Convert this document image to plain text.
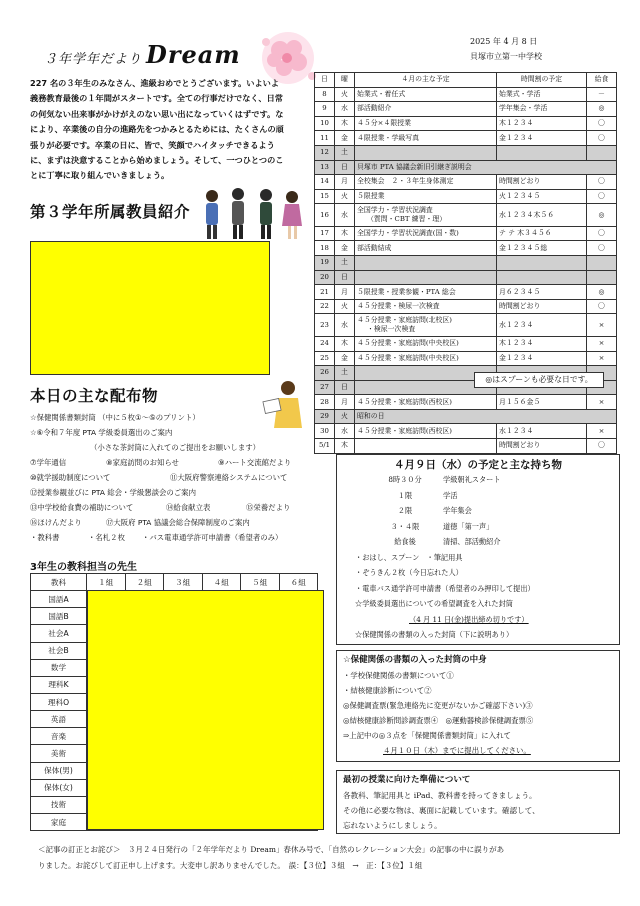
３年学年だより Dream	2025 年 4 月 8 日
貝塚市立第一中学校

227 名の３年生のみなさん、進級おめでとうございます。いよいよ義務教育最後の１年間がスタートです。全ての行事だけでなく、日常の何気ない出来事がかけがえのない思い出になっていくはずです。なにより、卒業後の自分の進路先をつかみとるためには、たくさんの頑張りが必要です。卒業の日に、皆で、笑顔でハイタッチできるように、まずは決意することから始めましょう。そして、一つひとつのことに丁寧に取り組んでいきましょう。

第３学年所属教員紹介
本日の主な配布物
☆保健関係書類封筒 （中に５枚①～⑤のプリント）
☆⑥令和７年度 PTA 学級委員選出のご案内
（小さな茶封筒に入れてのご提出をお願いします）
⑦学年通信	⑧家庭訪問のお知らせ	⑨ハート交流館だより
⑩就学援助制度について	⑪大阪府警察連絡システムについて
⑫授業参観並びに PTA 総会・学級懇談会のご案内
⑬中学校給食費の補助について	⑭給食献立表	⑮栄養だより
⑯ほけんだより	⑰大阪府 PTA 協議会総合保障制度のご案内
・教科書	・名札２枚	・バス電車通学許可申請書（希望者のみ）
3年生の教科担当の先生
教科	１組	２組	３組	４組	５組	６組
国語A						
国語B						
社会A						
社会B						
数学						
理科K						
理科O						
英語						
音楽						
美術						
保体(男)						
保体(女)						
技術						
家庭						
日	曜	４月の主な予定	時間割の予定	給食
8	火	始業式・着任式	始業式・学活	－
9	水	部活動紹介	学年集会・学活	◎
10	木	４５分×４限授業	木１２３４	〇
11	金	４限授業・学級写真	金１２３４	〇
12	土	

13	日	貝塚市 PTA 協議会新旧引継ぎ説明会		

14	月	全校集会　２・３年生身体測定	時間割どおり	〇
15	火	５限授業	火１２３４５	〇
16	水	全国学力・学習状況調査
（質問・CBT 練習・理）	水１２３４木５６	◎
17	木	全国学力・学習状況調査(国・数)	テ テ 木３４５６	〇
18	金	部活動結成	金１２３４５総	〇
19	土	

20	日	

21	月	５限授業・授業参観・PTA 総会	月６２３４５	◎
22	火	４５分授業・検尿一次検査	時間割どおり	〇
23	水	４５分授業・家庭訪問(北校区)
・検尿一次検査	水１２３４	×
24	木	４５分授業・家庭訪問(中央校区)	木１２３４	×
25	金	４５分授業・家庭訪問(中央校区)	金１２３４	×
26	土	

27	日	

28	月	４５分授業・家庭訪問(西校区)	月１５６金５	×
29	火	昭和の日		

30	水	４５分授業・家庭訪問(西校区)	水１２３４	×
5/1	木		時間割どおり	〇
◎はスプーンも必要な日です。
４月９日（水）の予定と主な持ち物
8時３０分	学級朝礼スタート
１限	学活
２限	学年集会
３・４限	道徳「第一声」
給食後	清掃、部活動紹介
・おはし、スプーン　・筆記用具
・ぞうきん２枚（今日忘れた人）
・電車バス通学許可申請書（希望者のみ押印して提出）
☆学級委員選出についての希望調査を入れた封筒
（4 月 11 日(金)提出締め切りです）
☆保健関係の書類の入った封筒（下に説明あり）
☆保健関係の書類の入った封筒の中身
・学校保健関係の書類について①
・結核健康診断について②
◎保健調査票(緊急連絡先に変更がないかご確認下さい)③
◎結核健康診断問診調査票④　◎運動器検診保健調査票⑤
⇒上記中の◎３点を「保健関係書類封筒」に入れて
４月１０日（木）までに提出してください。
最初の授業に向けた準備について
各教科、筆記用具と iPad、教科書を持ってきましょう。
その他に必要な物は、裏面に記載しています。確認して、
忘れないようにしましょう。
＜記事の訂正とお詫び＞　３月２４日発行の「２年学年だより Dream」春休み号で、「自然のレクレーション大会」の記事の中に誤りがあ
りました。お詫びして訂正申し上げます。大変申し訳ありませんでした。　誤：【３位】３組　→　正：【３位】１組
